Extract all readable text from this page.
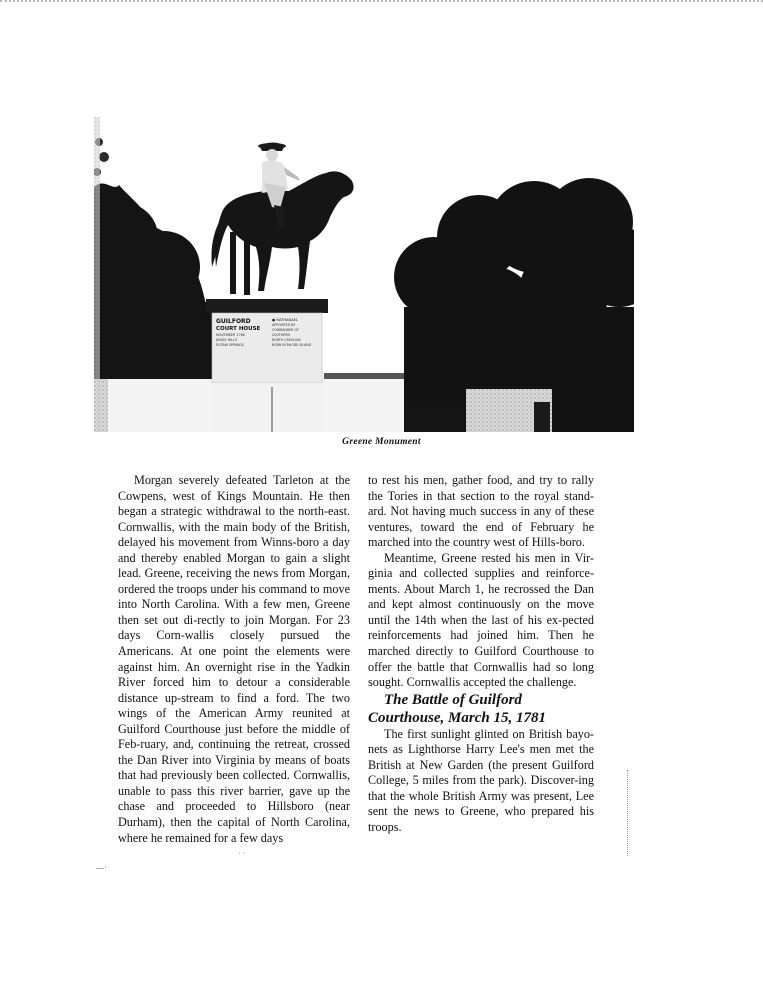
GUILFORD
COURT HOUSE
NOVEMBER 1780
KINGS HILLS
EUTAW SPRINGS
● NATHANAEL
APPOINTED BY
COMMANDER OF
SOUTHERN
NORTH CAROLINA
BORN IN RHODE ISLAND
Greene Monument

Morgan severely defeated Tarleton at the Cowpens, west of Kings Mountain. He then began a strategic withdrawal to the north-east. Cornwallis, with the main body of the British, delayed his movement from Winns-boro a day and thereby enabled Morgan to gain a slight lead. Greene, receiving the news from Morgan, ordered the troops under his command to move into North Carolina. With a few men, Greene then set out di-rectly to join Morgan. For 23 days Corn-wallis closely pursued the Americans. At one point the elements were against him. An overnight rise in the Yadkin River forced him to detour a considerable distance up-stream to find a ford. The two wings of the American Army reunited at Guilford Courthouse just before the middle of Feb-ruary, and, continuing the retreat, crossed the Dan River into Virginia by means of boats that had previously been collected. Cornwallis, unable to pass this river barrier, gave up the chase and proceeded to Hillsboro (near Durham), then the capital of North Carolina, where he remained for a few days

to rest his men, gather food, and try to rally the Tories in that section to the royal stand-ard. Not having much success in any of these ventures, toward the end of February he marched into the country west of Hills-boro.

Meantime, Greene rested his men in Vir-ginia and collected supplies and reinforce-ments. About March 1, he recrossed the Dan and kept almost continuously on the move until the 14th when the last of his ex-pected reinforcements had joined him. Then he marched directly to Guilford Courthouse to offer the battle that Cornwallis had so long sought. Cornwallis accepted the challenge.

The Battle of Guilford Courthouse, March 15, 1781

The first sunlight glinted on British bayo-nets as Lighthorse Harry Lee's men met the British at New Garden (the present Guilford College, 5 miles from the park). Discover-ing that the whole British Army was present, Lee sent the news to Greene, who prepared his troops.

˙ ˙
—·
